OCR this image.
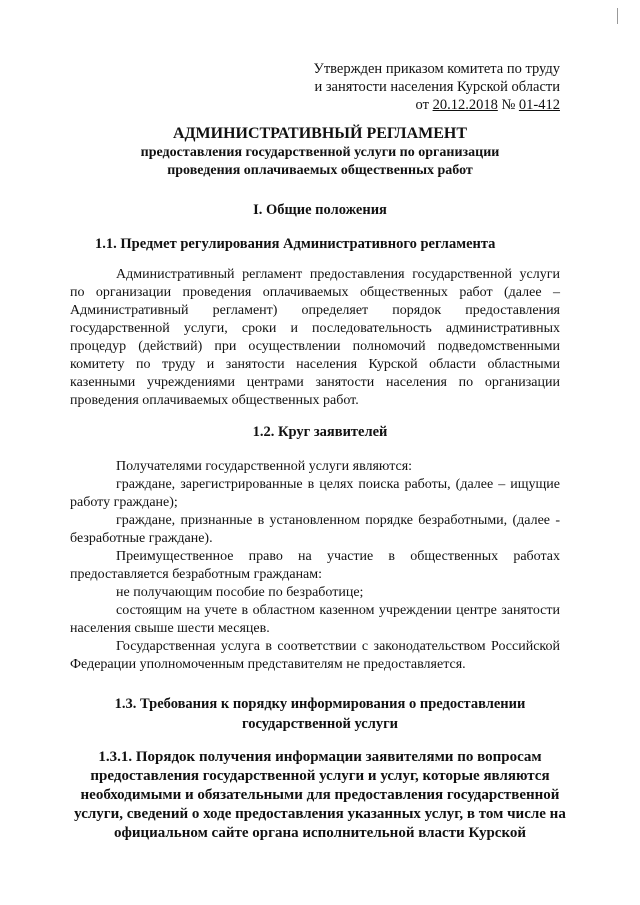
Утвержден приказом комитета по труду
и занятости населения Курской области
от 20.12.2018 № 01-412
АДМИНИСТРАТИВНЫЙ РЕГЛАМЕНТ
предоставления государственной услуги по организации
проведения оплачиваемых общественных работ
I. Общие положения
1.1. Предмет регулирования Административного регламента

Административный регламент предоставления государственной услуги по организации проведения оплачиваемых общественных работ (далее – Административный регламент) определяет порядок предоставления государственной услуги, сроки и последовательность административных процедур (действий) при осуществлении полномочий подведомственными комитету по труду и занятости населения Курской области областными казенными учреждениями центрами занятости населения по организации проведения оплачиваемых общественных работ.

1.2. Круг заявителей

Получателями государственной услуги являются:

граждане, зарегистрированные в целях поиска работы, (далее – ищущие работу граждане);

граждане, признанные в установленном порядке безработными, (далее - безработные граждане).

Преимущественное право на участие в общественных работах предоставляется безработным гражданам:

не получающим пособие по безработице;

состоящим на учете в областном казенном учреждении центре занятости населения свыше шести месяцев.

Государственная услуга в соответствии с законодательством Российской Федерации уполномоченным представителям не предоставляется.

1.3. Требования к порядку информирования о предоставлении
государственной услуги
1.3.1. Порядок получения информации заявителями по вопросам предоставления государственной услуги и услуг, которые являются необходимыми и обязательными для предоставления государственной услуги, сведений о ходе предоставления указанных услуг, в том числе на официальном сайте органа исполнительной власти Курской
